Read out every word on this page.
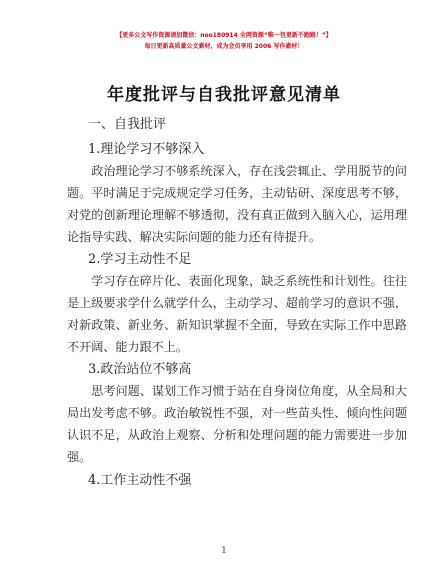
【更多公文写作资源请加微信：noo180914 全网资源“唯一包更新不跑路！”】
每日更新高质量公文素材，成为会员享用 2006 写作素材！
年度批评与自我批评意见清单
一、自我批评
1.理论学习不够深入
政治理论学习不够系统深入，存在浅尝辄止、学用脱节的问题。平时满足于完成规定学习任务，主动钻研、深度思考不够，对党的创新理论理解不够透彻，没有真正做到入脑入心，运用理论指导实践、解决实际问题的能力还有待提升。
2.学习主动性不足
学习存在碎片化、表面化现象，缺乏系统性和计划性。往往是上级要求学什么就学什么，主动学习、超前学习的意识不强，对新政策、新业务、新知识掌握不全面，导致在实际工作中思路不开阔、能力跟不上。
3.政治站位不够高
思考问题、谋划工作习惯于站在自身岗位角度，从全局和大局出发考虑不够。政治敏锐性不强，对一些苗头性、倾向性问题认识不足，从政治上观察、分析和处理问题的能力需要进一步加强。
4.工作主动性不强
1
